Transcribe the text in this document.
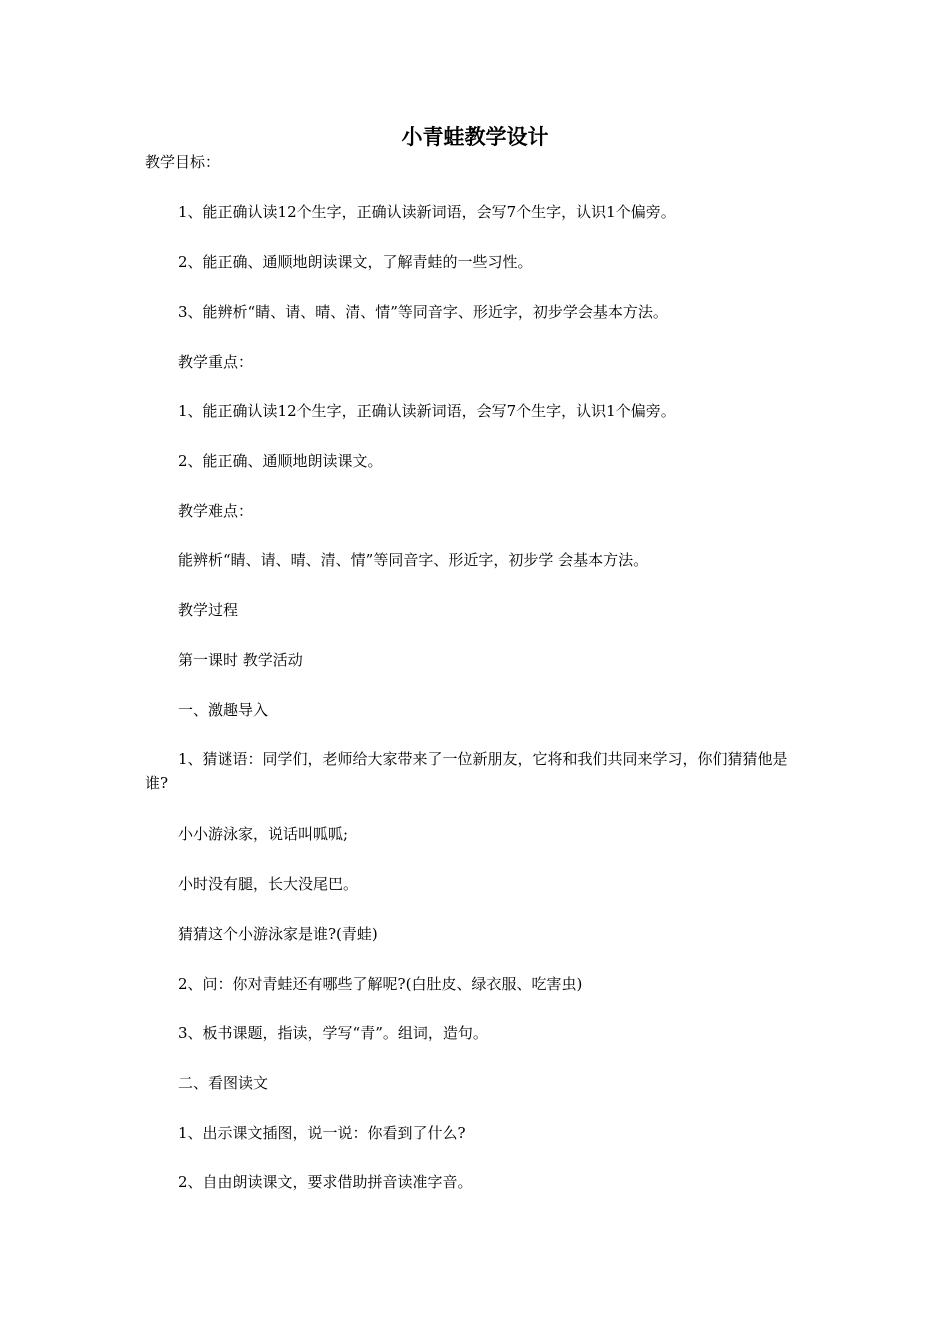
小青蛙教学设计
教学目标：
1、能正确认读12个生字，正确认读新词语，会写7个生字，认识1个偏旁。
2、能正确、通顺地朗读课文，了解青蛙的一些习性。
3、能辨析“睛、请、晴、清、情”等同音字、形近字，初步学会基本方法。
教学重点：
1、能正确认读12个生字，正确认读新词语，会写7个生字，认识1个偏旁。
2、能正确、通顺地朗读课文。
教学难点：
能辨析“睛、请、晴、清、情”等同音字、形近字，初步学 会基本方法。
教学过程
第一课时 教学活动
一、激趣导入
1、猜谜语：同学们，老师给大家带来了一位新朋友，它将和我们共同来学习，你们猜猜他是谁?
小小游泳家，说话叫呱呱;
小时没有腿，长大没尾巴。
猜猜这个小游泳家是谁?(青蛙)
2、问：你对青蛙还有哪些了解呢?(白肚皮、绿衣服、吃害虫)
3、板书课题，指读，学写“青”。组词，造句。
二、看图读文
1、出示课文插图，说一说：你看到了什么?
2、自由朗读课文，要求借助拼音读准字音。
